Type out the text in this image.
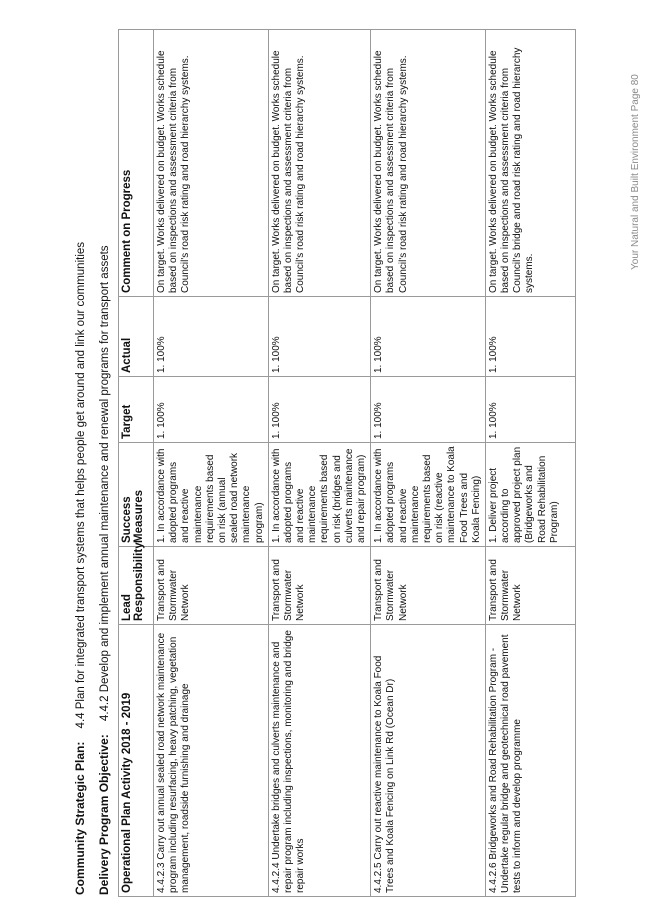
Community Strategic Plan: 4.4 Plan for integrated transport systems that helps people get around and link our communities
Delivery Program Objective: 4.4.2 Develop and implement annual maintenance and renewal programs for transport assets
Operational Plan Activity 2018 - 2019	Lead Responsibility	Success Measures	Target	Actual	Comment on Progress
4.4.2.3 Carry out annual sealed road network maintenance program including resurfacing, heavy patching, vegetation management, roadside furnishing and drainage	Transport and Stormwater Network	1. In accordance with adopted programs and reactive maintenance requirements based on risk (annual sealed road network maintenance program)	1. 100%	1. 100%	On target. Works delivered on budget. Works schedule based on inspections and assessment criteria from Council's road risk rating and road hierarchy systems.
4.4.2.4 Undertake bridges and culverts maintenance and repair program including inspections, monitoring and bridge repair works	Transport and Stormwater Network	1. In accordance with adopted programs and reactive maintenance requirements based on risk (bridges and culverts maintenance and repair program)	1. 100%	1. 100%	On target. Works delivered on budget. Works schedule based on inspections and assessment criteria from Council's road risk rating and road hierarchy systems.
4.4.2.5 Carry out reactive maintenance to Koala Food Trees and Koala Fencing on Link Rd (Ocean Dr)	Transport and Stormwater Network	1. In accordance with adopted programs and reactive maintenance requirements based on risk (reactive maintenance to Koala Food Trees and Koala Fencing)	1. 100%	1. 100%	On target. Works delivered on budget. Works schedule based on inspections and assessment criteria from Council's road risk rating and road hierarchy systems.
4.4.2.6 Bridgeworks and Road Rehabilitation Program - Undertake regular bridge and geotechnical road pavement tests to inform and develop programme	Transport and Stormwater Network	1. Deliver project according to approved project plan (Bridgeworks and Road Rehabilitation Program)	1. 100%	1. 100%	On target. Works delivered on budget. Works schedule based on inspections and assessment criteria from Council's bridge and road risk rating and road hierarchy systems.
Your Natural and Built Environment Page 80
